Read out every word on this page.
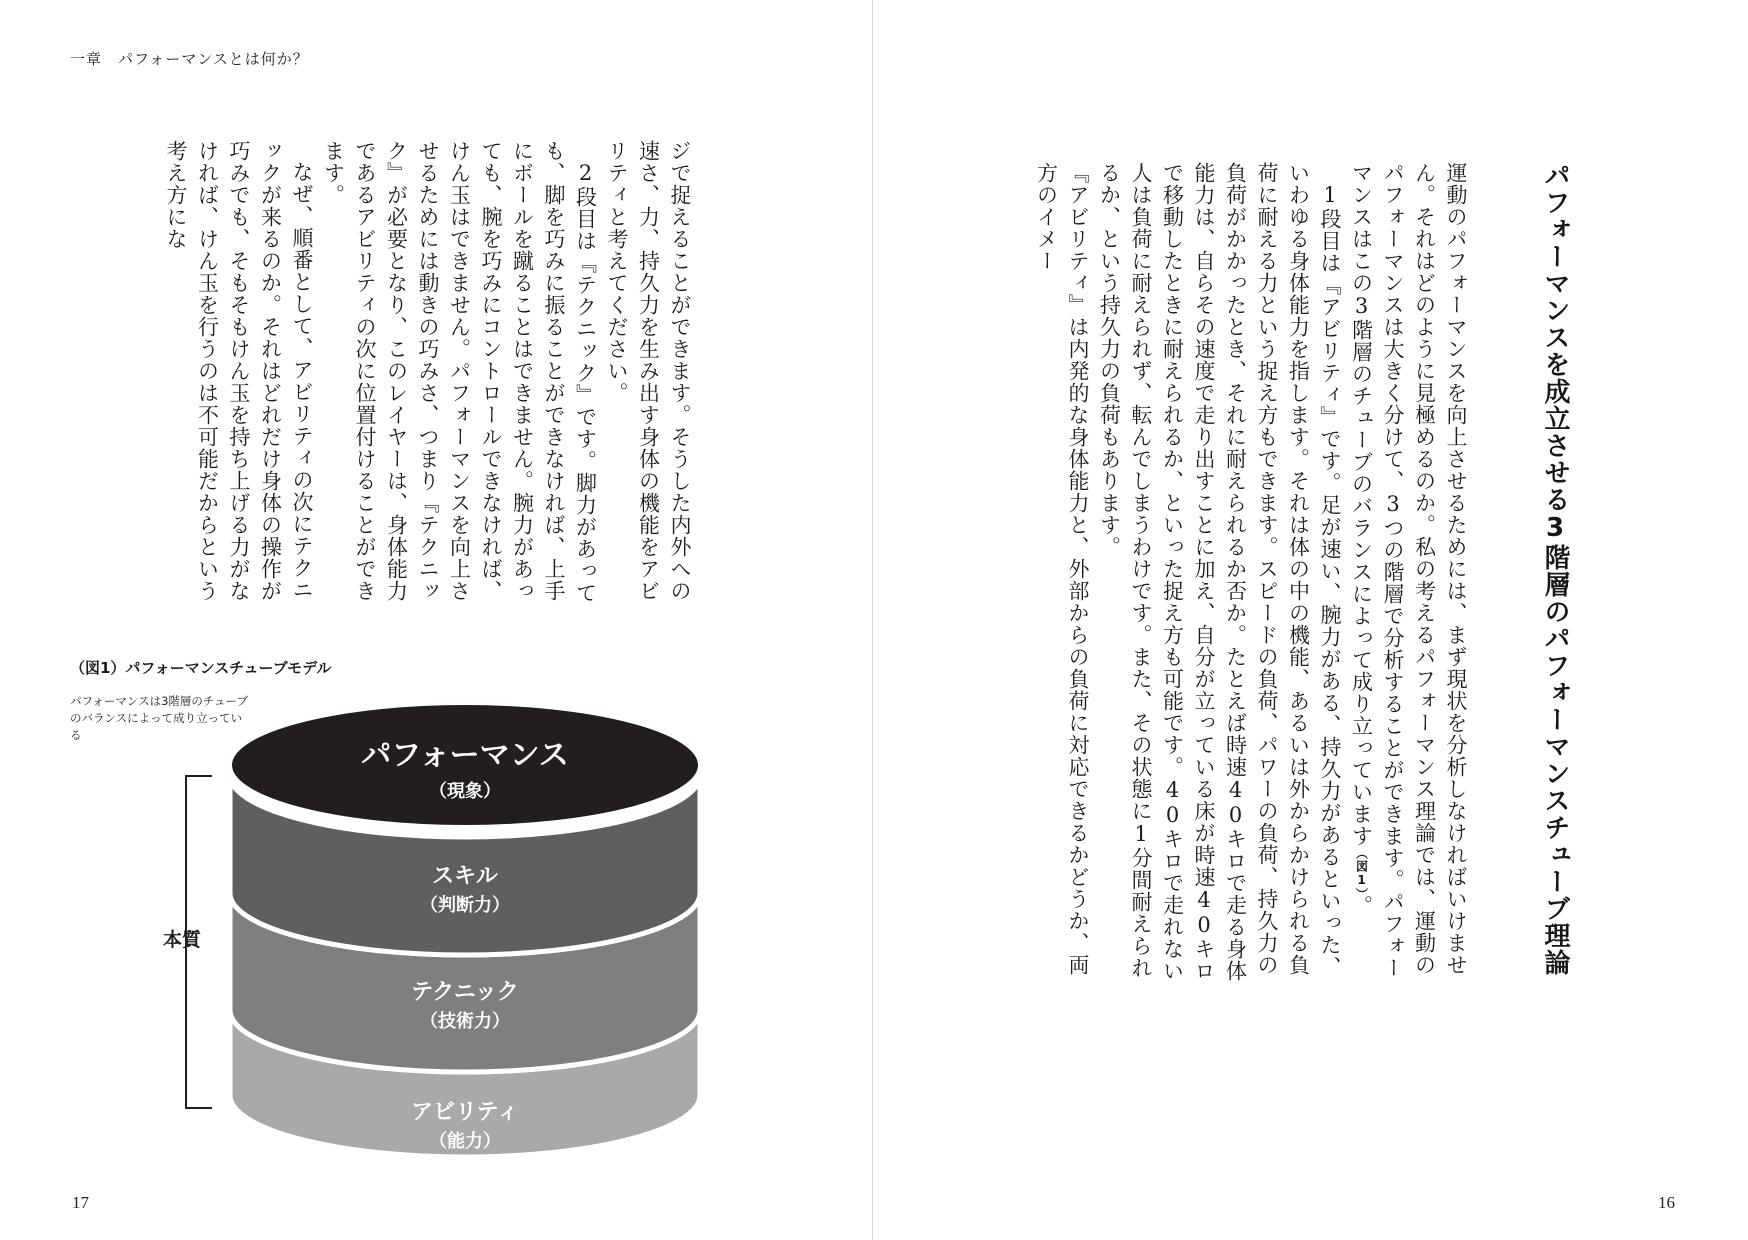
一章　パフォーマンスとは何か？

ジで捉えることができます。そうした内外への速さ、力、持久力を生み出す身体の機能をアビリティと考えてください。

2段目は『テクニック』です。脚力があっても、脚を巧みに振ることができなければ、上手にボールを蹴ることはできません。腕力があっても、腕を巧みにコントロールできなければ、けん玉はできません。パフォーマンスを向上させるためには動きの巧みさ、つまり『テクニック』が必要となり、このレイヤーは、身体能力であるアビリティの次に位置付けることができます。

なぜ、順番として、アビリティの次にテクニックが来るのか。それはどれだけ身体の操作が巧みでも、そもそもけん玉を持ち上げる力がなければ、けん玉を行うのは不可能だからという考え方にな	パフォーマンスを成立させる3階層のパフォーマンスチューブ理論

運動のパフォーマンスを向上させるためには、まず現状を分析しなければいけません。それはどのように見極めるのか。私の考えるパフォーマンス理論では、運動のパフォーマンスは大きく分けて、3つの階層で分析することができます。パフォーマンスはこの3階層のチューブのバランスによって成り立っています（図1）。

1段目は『アビリティ』です。足が速い、腕力がある、持久力があるといった、いわゆる身体能力を指します。それは体の中の機能、あるいは外からかけられる負荷に耐える力という捉え方もできます。スピードの負荷、パワーの負荷、持久力の負荷がかかったとき、それに耐えられるか否か。たとえば時速40キロで走る身体能力は、自らその速度で走り出すことに加え、自分が立っている床が時速40キロで移動したときに耐えられるか、といった捉え方も可能です。40キロで走れない人は負荷に耐えられず、転んでしまうわけです。また、その状態に1分間耐えられるか、という持久力の負荷もあります。

『アビリティ』は内発的な身体能力と、外部からの負荷に対応できるかどうか、両方のイメー

（図1）パフォーマンスチューブモデル
パフォーマンスは3階層のチューブのバランスによって成り立っている
本質
パフォーマンス
（現象）
スキル
（判断力）
テクニック
（技術力）
アビリティ
（能力）
17	16
